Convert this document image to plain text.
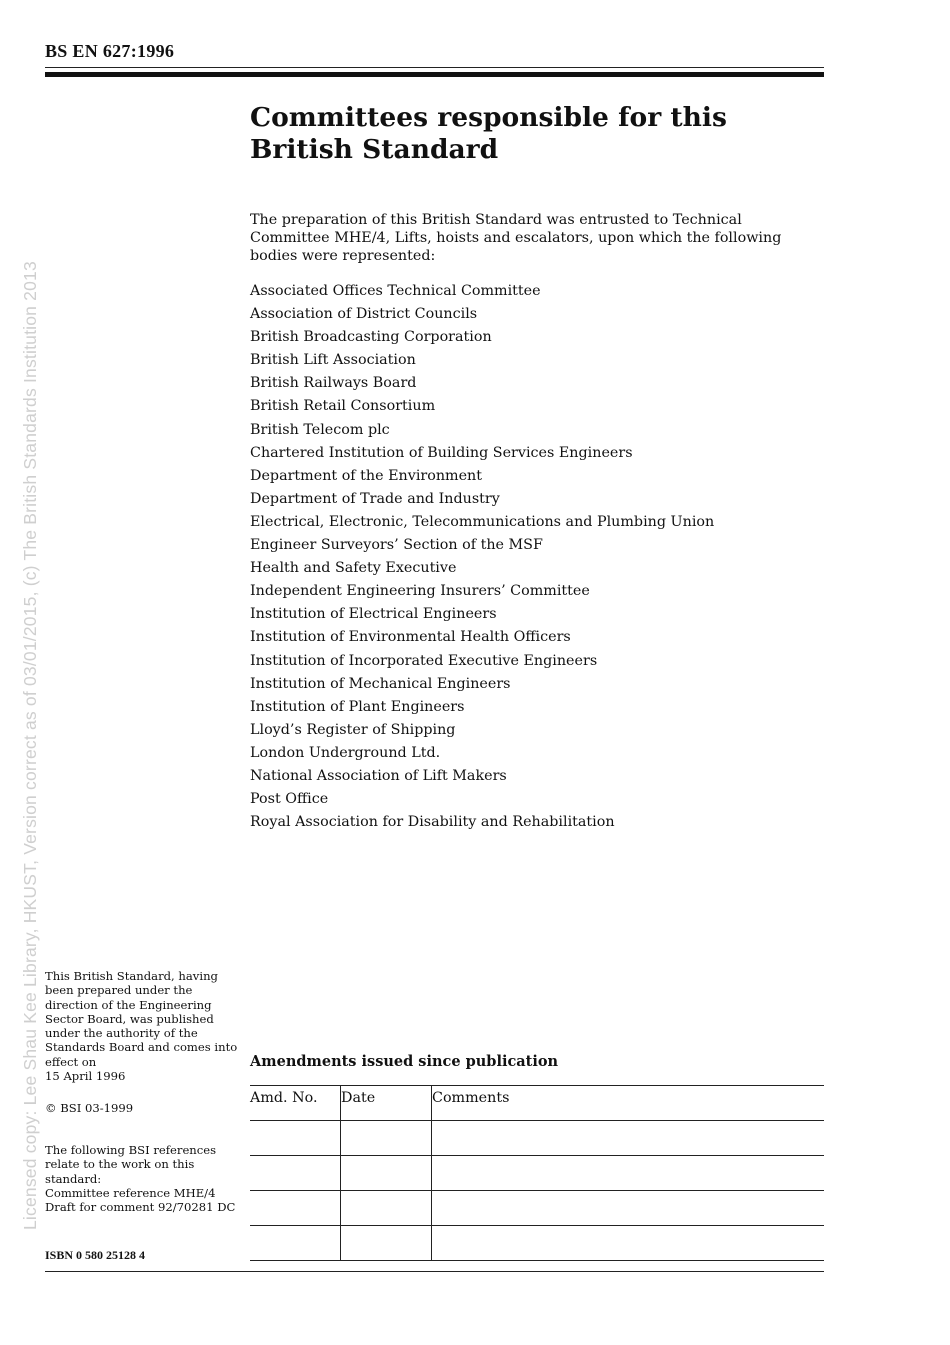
Licensed copy: Lee Shau Kee Library, HKUST, Version correct as of 03/01/2015, (c) The British Standards Institution 2013
BS EN 627:1996
Committees responsible for this British Standard

The preparation of this British Standard was entrusted to Technical Committee MHE/4, Lifts, hoists and escalators, upon which the following bodies were represented:

Associated Offices Technical Committee
Association of District Councils
British Broadcasting Corporation
British Lift Association
British Railways Board
British Retail Consortium
British Telecom plc
Chartered Institution of Building Services Engineers
Department of the Environment
Department of Trade and Industry
Electrical, Electronic, Telecommunications and Plumbing Union
Engineer Surveyors’ Section of the MSF
Health and Safety Executive
Independent Engineering Insurers’ Committee
Institution of Electrical Engineers
Institution of Environmental Health Officers
Institution of Incorporated Executive Engineers
Institution of Mechanical Engineers
Institution of Plant Engineers
Lloyd’s Register of Shipping
London Underground Ltd.
National Association of Lift Makers
Post Office
Royal Association for Disability and Rehabilitation

This British Standard, having been prepared under the direction of the Engineering Sector Board, was published under the authority of the Standards Board and comes into effect on
15 April 1996

© BSI 03-1999

The following BSI references relate to the work on this standard:
Committee reference MHE/4
Draft for comment 92/70281 DC

ISBN 0 580 25128 4
Amendments issued since publication
Amd. No.	Date	Comments
